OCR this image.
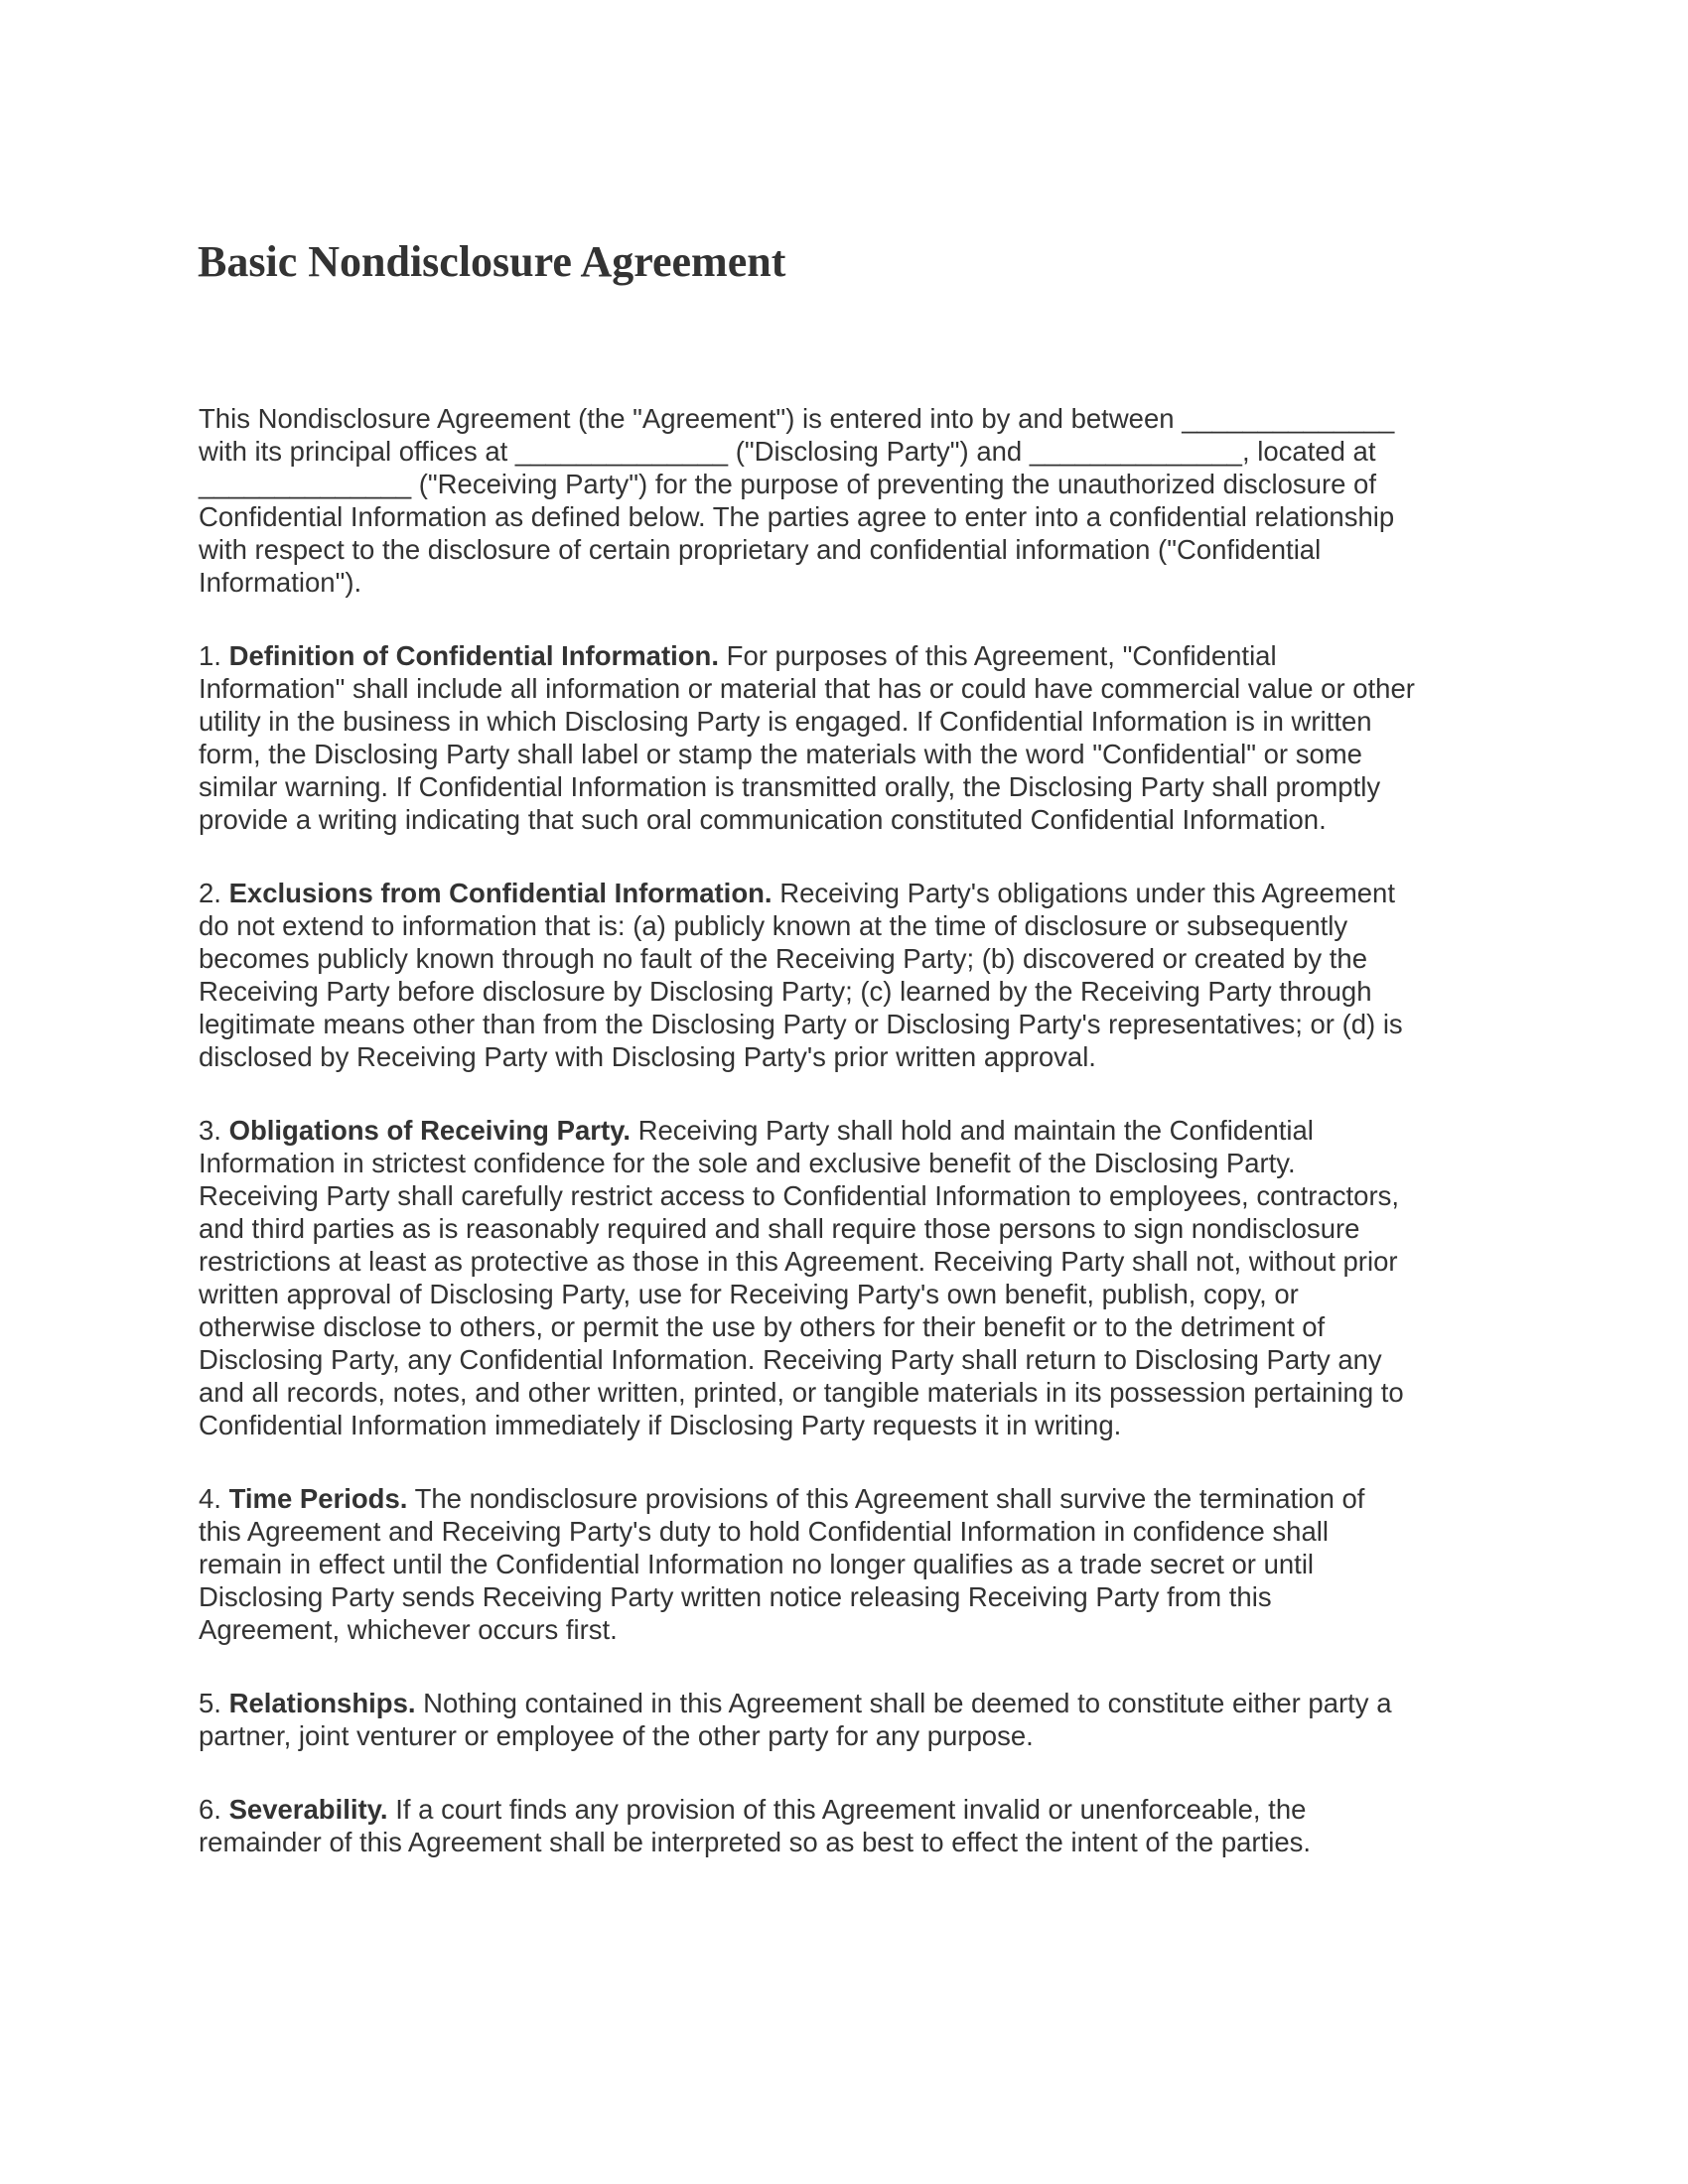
Basic Nondisclosure Agreement

This Nondisclosure Agreement (the "Agreement") is entered into by and between ______________
with its principal offices at ______________ ("Disclosing Party") and ______________, located at
______________ ("Receiving Party") for the purpose of preventing the unauthorized disclosure of
Confidential Information as defined below. The parties agree to enter into a confidential relationship
with respect to the disclosure of certain proprietary and confidential information ("Confidential
Information").

1. Definition of Confidential Information. For purposes of this Agreement, "Confidential
Information" shall include all information or material that has or could have commercial value or other
utility in the business in which Disclosing Party is engaged. If Confidential Information is in written
form, the Disclosing Party shall label or stamp the materials with the word "Confidential" or some
similar warning. If Confidential Information is transmitted orally, the Disclosing Party shall promptly
provide a writing indicating that such oral communication constituted Confidential Information.

2. Exclusions from Confidential Information. Receiving Party's obligations under this Agreement
do not extend to information that is: (a) publicly known at the time of disclosure or subsequently
becomes publicly known through no fault of the Receiving Party; (b) discovered or created by the
Receiving Party before disclosure by Disclosing Party; (c) learned by the Receiving Party through
legitimate means other than from the Disclosing Party or Disclosing Party's representatives; or (d) is
disclosed by Receiving Party with Disclosing Party's prior written approval.

3. Obligations of Receiving Party. Receiving Party shall hold and maintain the Confidential
Information in strictest confidence for the sole and exclusive benefit of the Disclosing Party.
Receiving Party shall carefully restrict access to Confidential Information to employees, contractors,
and third parties as is reasonably required and shall require those persons to sign nondisclosure
restrictions at least as protective as those in this Agreement. Receiving Party shall not, without prior
written approval of Disclosing Party, use for Receiving Party's own benefit, publish, copy, or
otherwise disclose to others, or permit the use by others for their benefit or to the detriment of
Disclosing Party, any Confidential Information. Receiving Party shall return to Disclosing Party any
and all records, notes, and other written, printed, or tangible materials in its possession pertaining to
Confidential Information immediately if Disclosing Party requests it in writing.

4. Time Periods. The nondisclosure provisions of this Agreement shall survive the termination of
this Agreement and Receiving Party's duty to hold Confidential Information in confidence shall
remain in effect until the Confidential Information no longer qualifies as a trade secret or until
Disclosing Party sends Receiving Party written notice releasing Receiving Party from this
Agreement, whichever occurs first.

5. Relationships. Nothing contained in this Agreement shall be deemed to constitute either party a
partner, joint venturer or employee of the other party for any purpose.

6. Severability. If a court finds any provision of this Agreement invalid or unenforceable, the
remainder of this Agreement shall be interpreted so as best to effect the intent of the parties.
